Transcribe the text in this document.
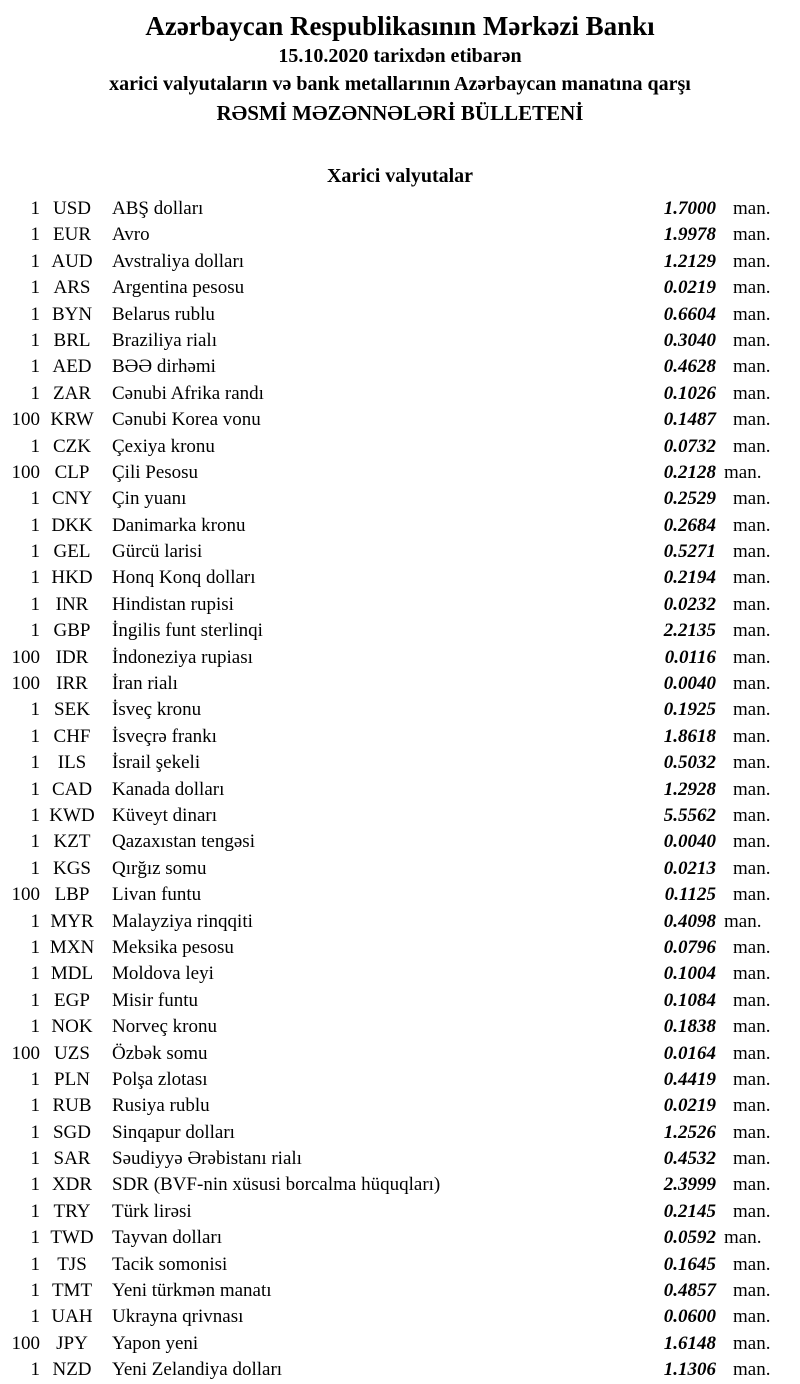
Azərbaycan Respublikasının Mərkəzi Bankı
15.10.2020 tarixdən etibarən
xarici valyutaların və bank metallarının Azərbaycan manatına qarşı
RƏSMİ MƏZƏNNƏLƏRİ BÜLLETENİ
Xarici valyutalar
1 USD	ABŞ dolları	1.7000 man.
1 EUR	Avro	1.9978 man.
1 AUD	Avstraliya dolları	1.2129 man.
1 ARS	Argentina pesosu	0.0219 man.
1 BYN	Belarus rublu	0.6604 man.
1 BRL	Braziliya rialı	0.3040 man.
1 AED	BƏƏ dirhəmi	0.4628 man.
1 ZAR	Cənubi Afrika randı	0.1026 man.
100 KRW Cənubi Korea vonu	0.1487 man.
1 CZK	Çexiya kronu	0.0732 man.
100 CLP	Çili Pesosu	0.2128 man.
1 CNY	Çin yuanı	0.2529 man.
1 DKK	Danimarka kronu	0.2684 man.
1 GEL	Gürcü larisi	0.5271 man.
1 HKD	Honq Konq dolları	0.2194 man.
1 INR	Hindistan rupisi	0.0232 man.
1 GBP	İngilis funt sterlinqi	2.2135 man.
100 IDR	İndoneziya rupiası	0.0116 man.
100 IRR	İran rialı	0.0040 man.
1 SEK	İsveç kronu	0.1925 man.
1 CHF	İsveçrə frankı	1.8618 man.
1 ILS	İsrail şekeli	0.5032 man.
1 CAD	Kanada dolları	1.2928 man.
1 KWD Küveyt dinarı	5.5562 man.
1 KZT	Qazaxıstan tengəsi	0.0040 man.
1 KGS	Qırğız somu	0.0213 man.
100 LBP	Livan funtu	0.1125 man.
1 MYR Malayziya rinqqiti	0.4098 man.
1 MXN Meksika pesosu	0.0796 man.
1 MDL Moldova leyi	0.1004 man.
1 EGP	Misir funtu	0.1084 man.
1 NOK	Norveç kronu	0.1838 man.
100 UZS	Özbək somu	0.0164 man.
1 PLN	Polşa zlotası	0.4419 man.
1 RUB	Rusiya rublu	0.0219 man.
1 SGD	Sinqapur dolları	1.2526 man.
1 SAR	Səudiyyə Ərəbistanı rialı	0.4532 man.
1 XDR	SDR (BVF-nin xüsusi borcalma hüquqları)	2.3999 man.
1 TRY	Türk lirəsi	0.2145 man.
1 TWD Tayvan dolları	0.0592 man.
1 TJS	Tacik somonisi	0.1645 man.
1 TMT	Yeni türkmən manatı	0.4857 man.
1 UAH	Ukrayna qrivnası	0.0600 man.
100 JPY	Yapon yeni	1.6148 man.
1 NZD	Yeni Zelandiya dolları	1.1306 man.
